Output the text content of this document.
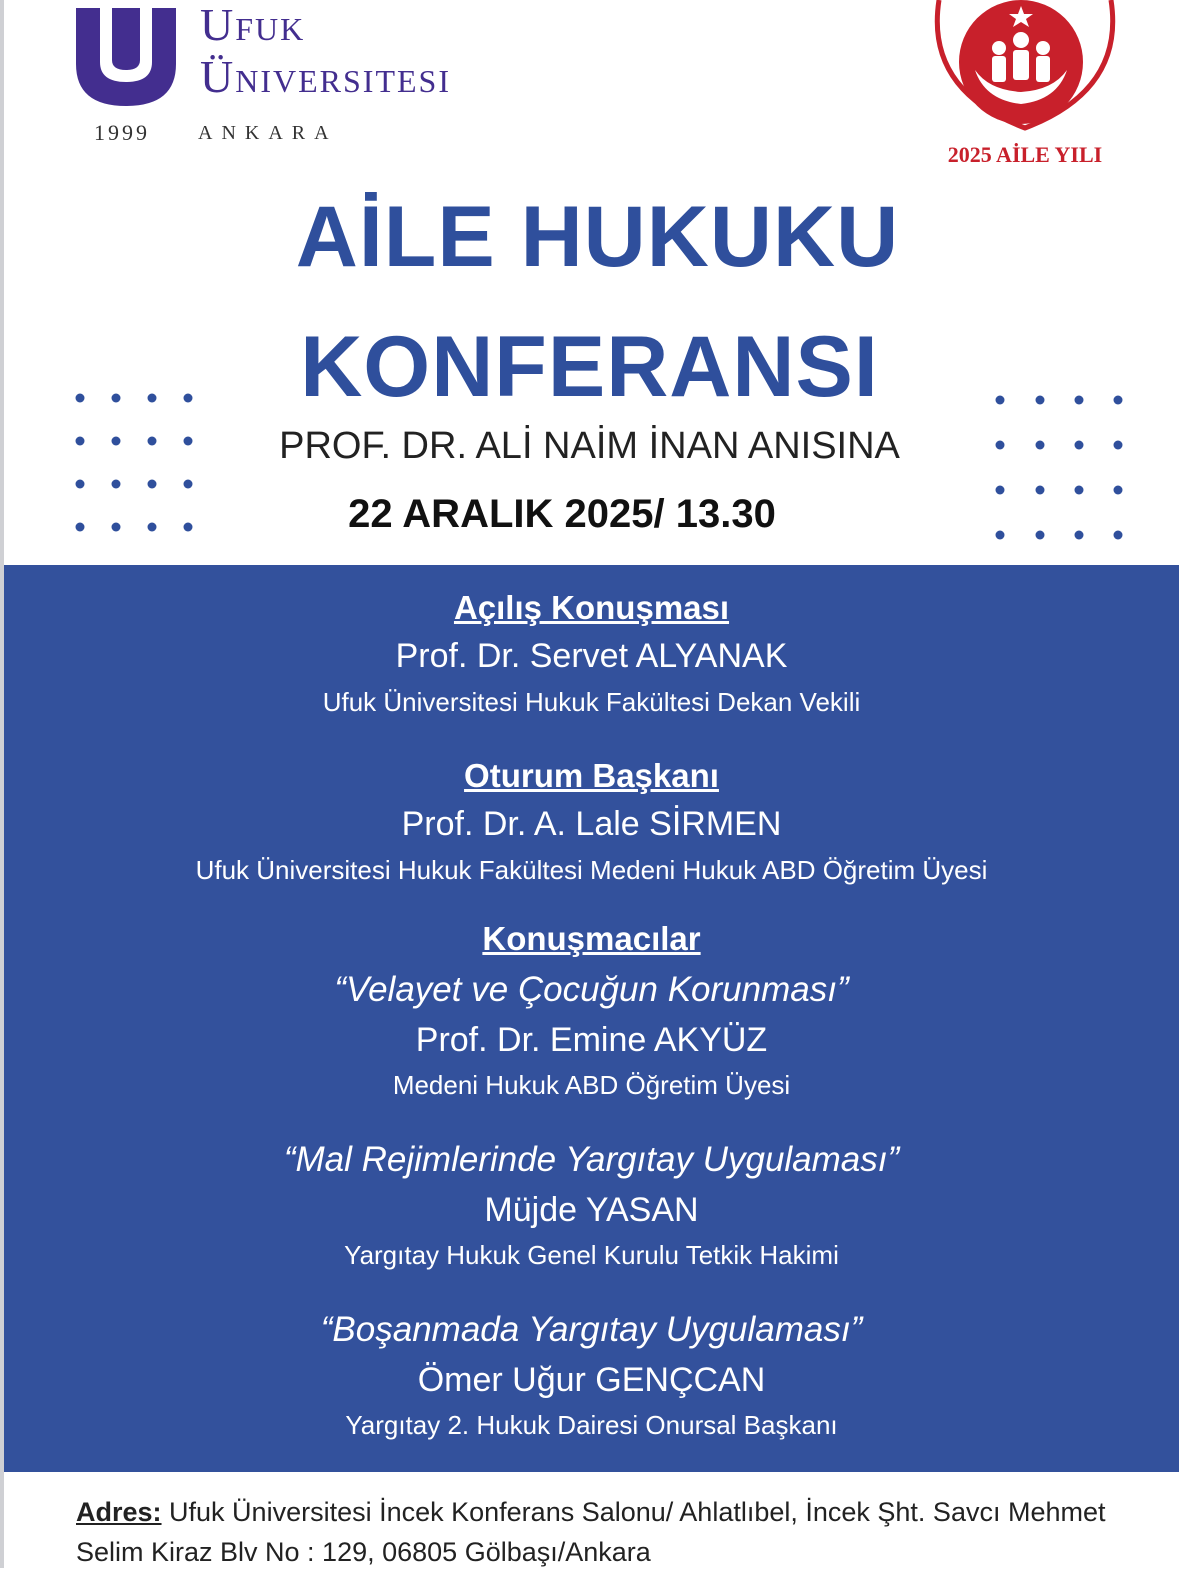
Ufuk
Üniversitesi
1999 ANKARA
2025 AİLE YILI
AİLE HUKUKU
KONFERANSI
PROF. DR. ALİ NAİM İNAN ANISINA
22 ARALIK 2025/ 13.30
Açılış Konuşması
Prof. Dr. Servet ALYANAK
Ufuk Üniversitesi Hukuk Fakültesi Dekan Vekili
Oturum Başkanı
Prof. Dr. A. Lale SİRMEN
Ufuk Üniversitesi Hukuk Fakültesi Medeni Hukuk ABD Öğretim Üyesi
Konuşmacılar
“Velayet ve Çocuğun Korunması”
Prof. Dr. Emine AKYÜZ
Medeni Hukuk ABD Öğretim Üyesi
“Mal Rejimlerinde Yargıtay Uygulaması”
Müjde YASAN
Yargıtay Hukuk Genel Kurulu Tetkik Hakimi
“Boşanmada Yargıtay Uygulaması”
Ömer Uğur GENÇCAN
Yargıtay 2. Hukuk Dairesi Onursal Başkanı
Adres: Ufuk Üniversitesi İncek Konferans Salonu/ Ahlatlıbel, İncek Şht. Savcı Mehmet Selim Kiraz Blv No : 129, 06805 Gölbaşı/Ankara
